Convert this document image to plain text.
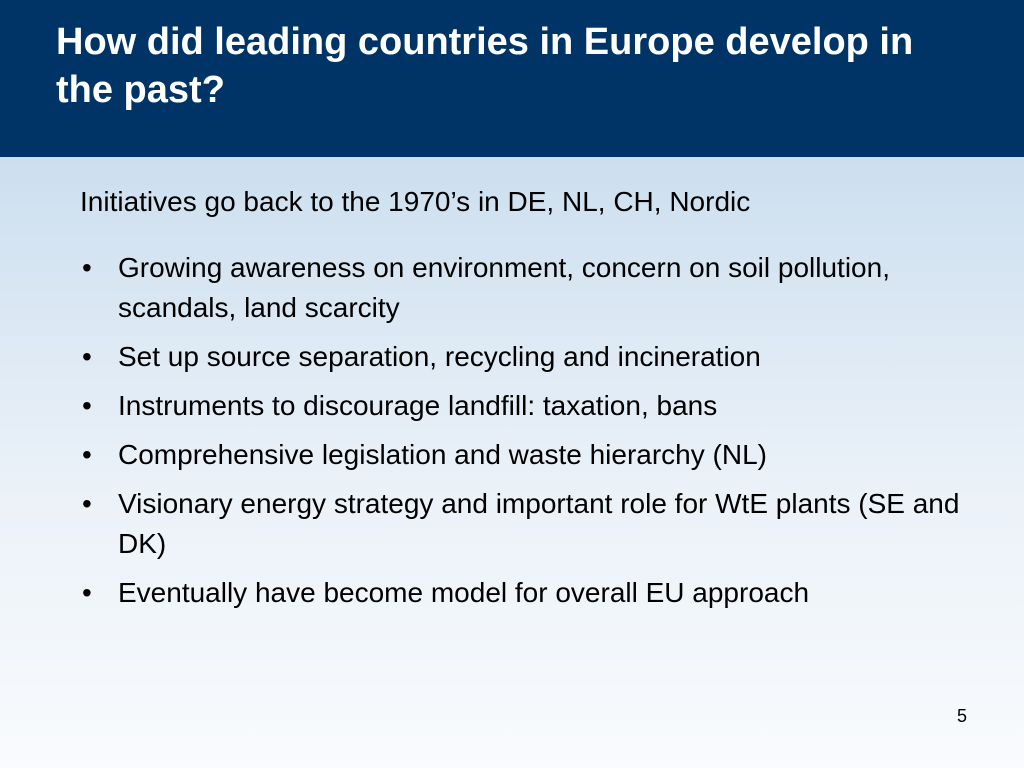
How did leading countries in Europe develop in the past?

Initiatives go back to the 1970’s in DE, NL, CH, Nordic

• Growing awareness on environment, concern on soil pollution, scandals, land scarcity
• Set up source separation, recycling and incineration
• Instruments to discourage landfill: taxation, bans
• Comprehensive legislation and waste hierarchy (NL)
• Visionary energy strategy and important role for WtE plants (SE and DK)
• Eventually have become model for overall EU approach
5
